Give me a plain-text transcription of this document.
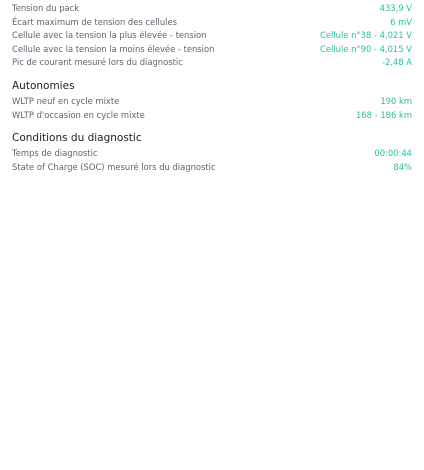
Tension du pack	433,9 V
Écart maximum de tension des cellules	6 mV
Cellule avec la tension la plus élevée - tension	Cellule n°38 - 4,021 V
Cellule avec la tension la moins élevée - tension	Cellule n°90 - 4,015 V
Pic de courant mesuré lors du diagnostic	-2,48 A
Autonomies
WLTP neuf en cycle mixte	190 km
WLTP d'occasion en cycle mixte	168 - 186 km
Conditions du diagnostic
Temps de diagnostic	00:00:44
State of Charge (SOC) mesuré lors du diagnostic	84%
